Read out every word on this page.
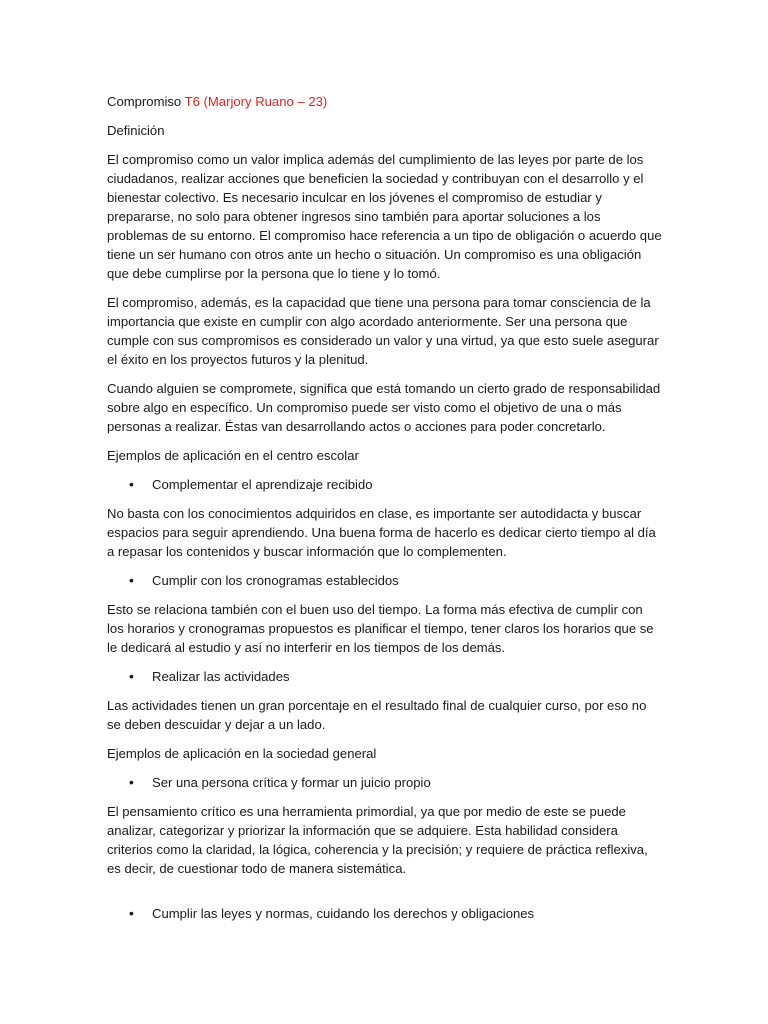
Compromiso T6 (Marjory Ruano – 23)

Definición

El compromiso como un valor implica además del cumplimiento de las leyes por parte de los ciudadanos, realizar acciones que beneficien la sociedad y contribuyan con el desarrollo y el bienestar colectivo. Es necesario inculcar en los jóvenes el compromiso de estudiar y prepararse, no solo para obtener ingresos sino también para aportar soluciones a los problemas de su entorno. El compromiso hace referencia a un tipo de obligación o acuerdo que tiene un ser humano con otros ante un hecho o situación. Un compromiso es una obligación que debe cumplirse por la persona que lo tiene y lo tomó.

El compromiso, además, es la capacidad que tiene una persona para tomar consciencia de la importancia que existe en cumplir con algo acordado anteriormente. Ser una persona que cumple con sus compromisos es considerado un valor y una virtud, ya que esto suele asegurar el éxito en los proyectos futuros y la plenitud.

Cuando alguien se compromete, significa que está tomando un cierto grado de responsabilidad sobre algo en específico. Un compromiso puede ser visto como el objetivo de una o más personas a realizar. Éstas van desarrollando actos o acciones para poder concretarlo.

Ejemplos de aplicación en el centro escolar

• Complementar el aprendizaje recibido

No basta con los conocimientos adquiridos en clase, es importante ser autodidacta y buscar espacios para seguir aprendiendo. Una buena forma de hacerlo es dedicar cierto tiempo al día a repasar los contenidos y buscar información que lo complementen.

• Cumplir con los cronogramas establecidos

Esto se relaciona también con el buen uso del tiempo. La forma más efectiva de cumplir con los horarios y cronogramas propuestos es planificar el tiempo, tener claros los horarios que se le dedicará al estudio y así no interferir en los tiempos de los demás.

• Realizar las actividades

Las actividades tienen un gran porcentaje en el resultado final de cualquier curso, por eso no se deben descuidar y dejar a un lado.

Ejemplos de aplicación en la sociedad general

• Ser una persona crítica y formar un juicio propio

El pensamiento crítico es una herramienta primordial, ya que por medio de este se puede analizar, categorizar y priorizar la información que se adquiere. Esta habilidad considera criterios como la claridad, la lógica, coherencia y la precisión; y requiere de práctica reflexiva, es decir, de cuestionar todo de manera sistemática.

• Cumplir las leyes y normas, cuidando los derechos y obligaciones
